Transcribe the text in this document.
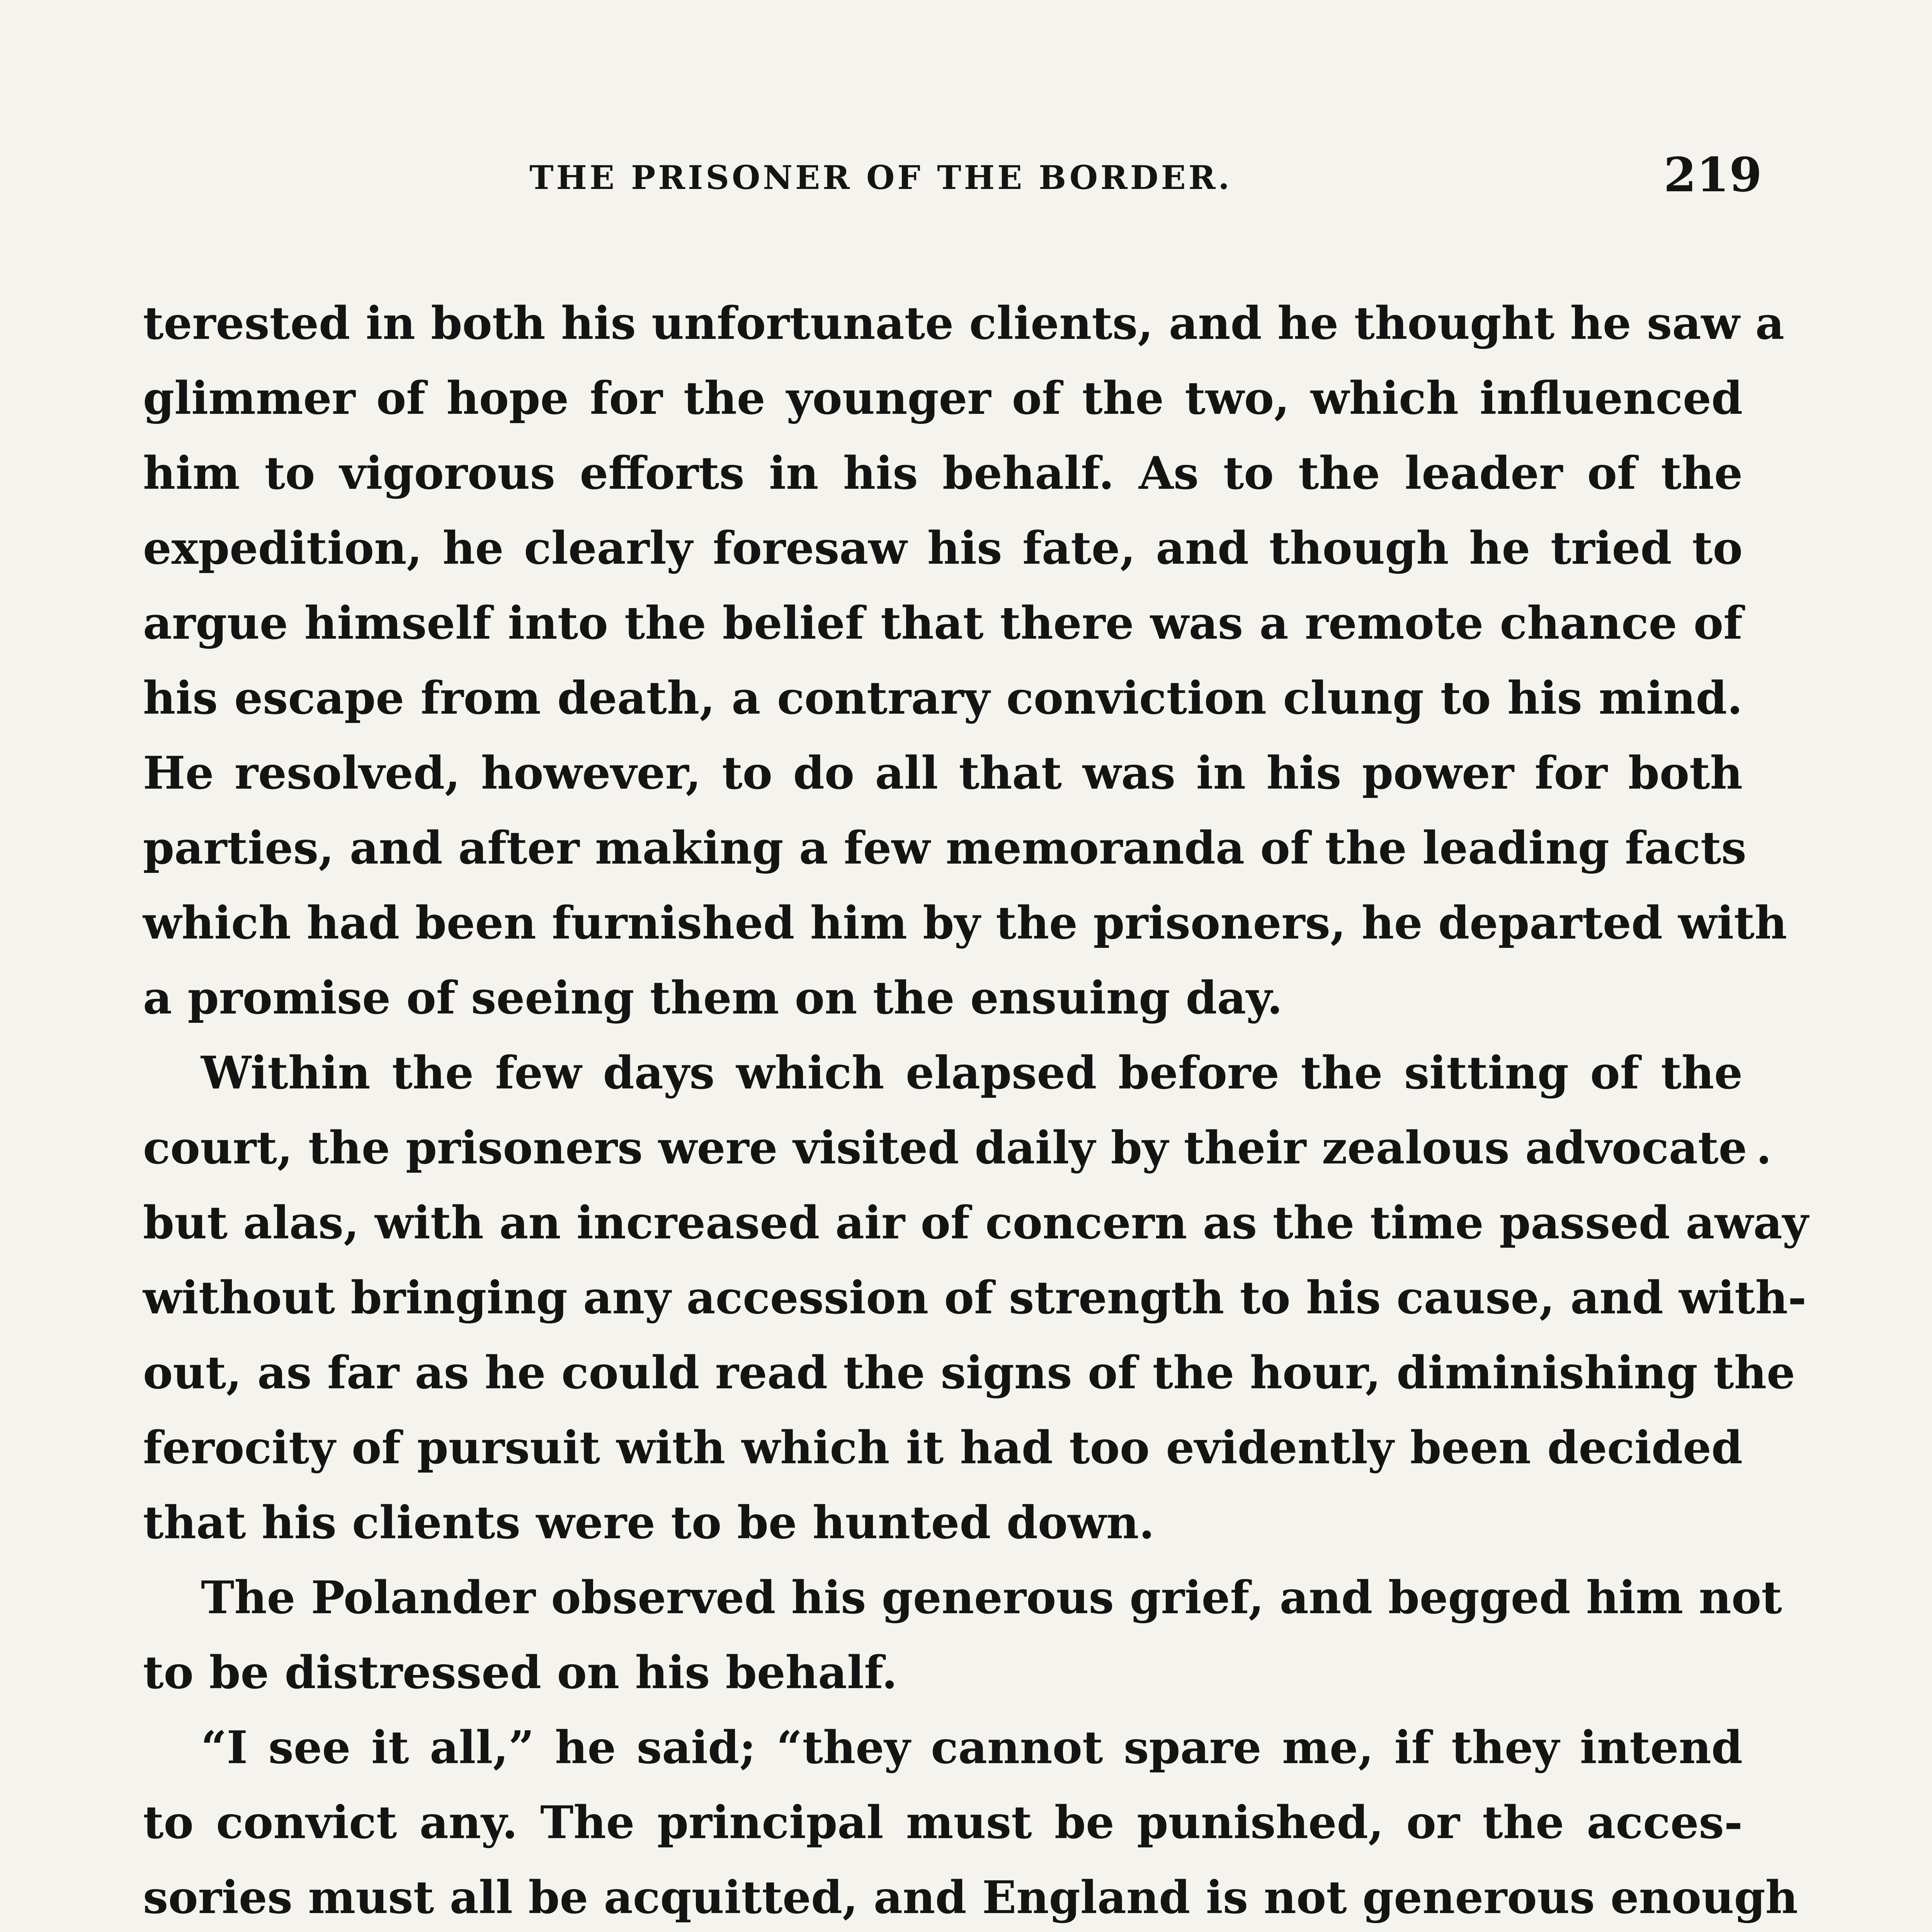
THE PRISONER OF THE BORDER.	219
terested in both his unfortunate clients, and he thought he saw a
glimmer of hope for the younger of the two, which influenced
him to vigorous efforts in his behalf. As to the leader of the
expedition, he clearly foresaw his fate, and though he tried to
argue himself into the belief that there was a remote chance of
his escape from death, a contrary conviction clung to his mind.
He resolved, however, to do all that was in his power for both
parties, and after making a few memoranda of the leading facts
which had been furnished him by the prisoners, he departed with
a promise of seeing them on the ensuing day.
Within the few days which elapsed before the sitting of the
court, the prisoners were visited daily by their zealous advocate .
but alas, with an increased air of concern as the time passed away
without bringing any accession of strength to his cause, and with-
out, as far as he could read the signs of the hour, diminishing the
ferocity of pursuit with which it had too evidently been decided
that his clients were to be hunted down.
The Polander observed his generous grief, and begged him not
to be distressed on his behalf.
“I see it all,” he said; “they cannot spare me, if they intend
to convict any. The principal must be punished, or the acces-
sories must all be acquitted, and England is not generous enough
